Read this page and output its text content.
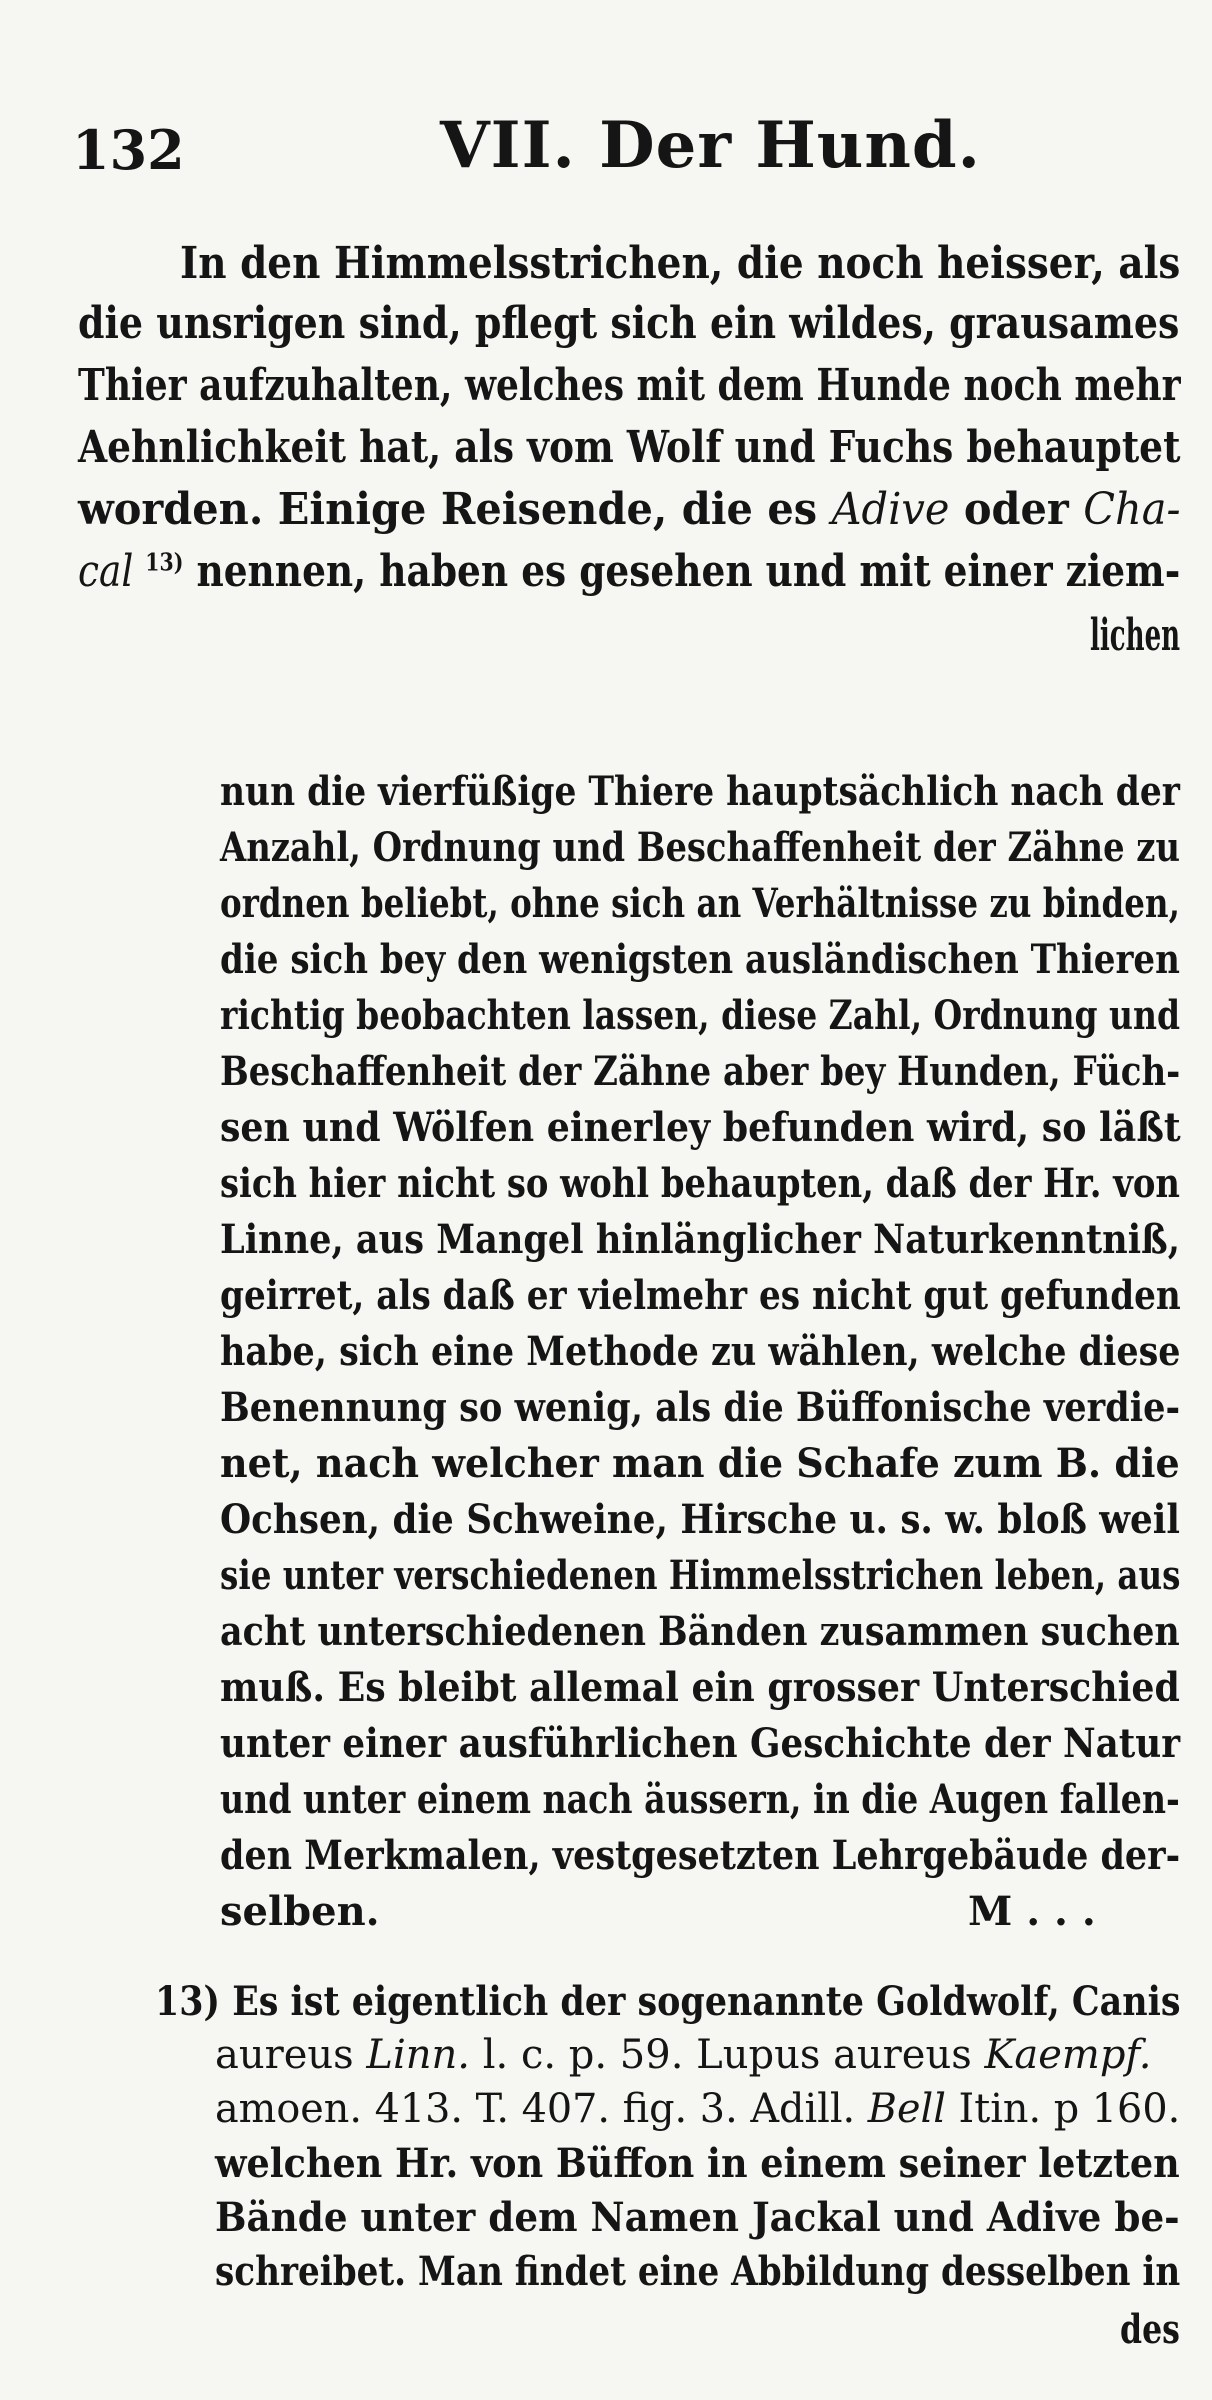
132	VII. Der Hund.
In den Himmelsstrichen, die noch heisser, als
die unsrigen sind, pflegt sich ein wildes, grausames
Thier aufzuhalten, welches mit dem Hunde noch mehr
Aehnlichkeit hat, als vom Wolf und Fuchs behauptet
worden. Einige Reisende, die es Adive oder Cha-
cal $^{13)}$ nennen, haben es gesehen und mit einer ziem-
lichen
nun die vierfüßige Thiere hauptsächlich nach der
Anzahl, Ordnung und Beschaffenheit der Zähne zu
ordnen beliebt, ohne sich an Verhältnisse zu binden,
die sich bey den wenigsten ausländischen Thieren
richtig beobachten lassen, diese Zahl, Ordnung und
Beschaffenheit der Zähne aber bey Hunden, Füch-
sen und Wölfen einerley befunden wird, so läßt
sich hier nicht so wohl behaupten, daß der Hr. von
Linne, aus Mangel hinlänglicher Naturkenntniß,
geirret, als daß er vielmehr es nicht gut gefunden
habe, sich eine Methode zu wählen, welche diese
Benennung so wenig, als die Büffonische verdie-
net, nach welcher man die Schafe zum B. die
Ochsen, die Schweine, Hirsche u. s. w. bloß weil
sie unter verschiedenen Himmelsstrichen leben, aus
acht unterschiedenen Bänden zusammen suchen
muß. Es bleibt allemal ein grosser Unterschied
unter einer ausführlichen Geschichte der Natur
und unter einem nach äussern, in die Augen fallen-
den Merkmalen, vestgesetzten Lehrgebäude der-
selben.	M . . .
13) Es ist eigentlich der sogenannte Goldwolf, Canis
aureus Linn. l. c. p. 59. Lupus aureus Kaempf.
amoen. 413. T. 407. fig. 3. Adill. Bell Itin. p 160.
welchen Hr. von Büffon in einem seiner letzten
Bände unter dem Namen Jackal und Adive be-
schreibet. Man findet eine Abbildung desselben in
des
